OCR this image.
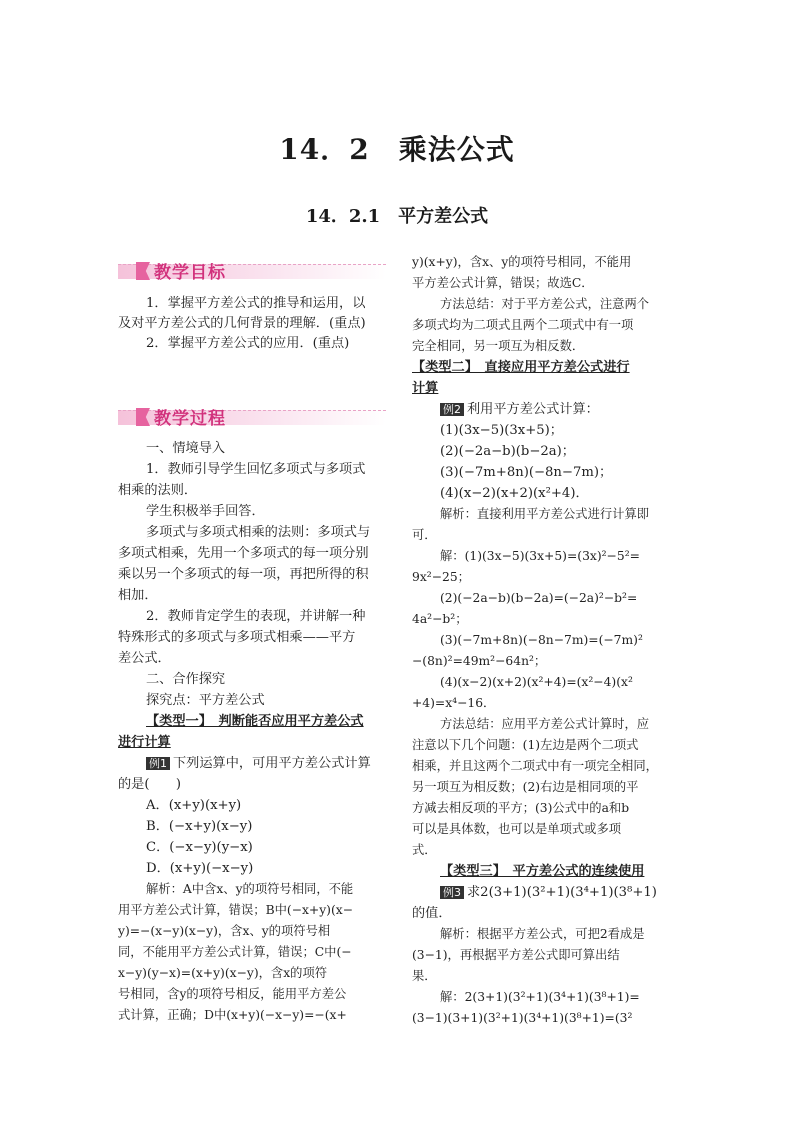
14．2　乘法公式
14．2.1　平方差公式
教学目标
1．掌握平方差公式的推导和运用，以
及对平方差公式的几何背景的理解．(重点)
2．掌握平方差公式的应用．(重点)
教学过程
一、情境导入
1．教师引导学生回忆多项式与多项式
相乘的法则．
学生积极举手回答．
多项式与多项式相乘的法则：多项式与
多项式相乘，先用一个多项式的每一项分别
乘以另一个多项式的每一项，再把所得的积
相加．
2．教师肯定学生的表现，并讲解一种
特殊形式的多项式与多项式相乘——平方
差公式．
二、合作探究
探究点：平方差公式
【类型一】　判断能否应用平方差公式
进行计算
例1 下列运算中，可用平方差公式计算
的是(　　)
A．(x+y)(x+y)
B．(−x+y)(x−y)
C．(−x−y)(y−x)
D．(x+y)(−x−y)
解析：A中含x、y的项符号相同，不能
用平方差公式计算，错误；B中(−x+y)(x−
y)=−(x−y)(x−y)，含x、y的项符号相
同，不能用平方差公式计算，错误；C中(−
x−y)(y−x)=(x+y)(x−y)，含x的项符
号相同，含y的项符号相反，能用平方差公
式计算，正确；D中(x+y)(−x−y)=−(x+
y)(x+y)，含x、y的项符号相同，不能用
平方差公式计算，错误；故选C．
方法总结：对于平方差公式，注意两个
多项式均为二项式且两个二项式中有一项
完全相同，另一项互为相反数．
【类型二】　直接应用平方差公式进行
计算
例2 利用平方差公式计算：
(1)(3x−5)(3x+5)；
(2)(−2a−b)(b−2a)；
(3)(−7m+8n)(−8n−7m)；
(4)(x−2)(x+2)(x²+4)．
解析：直接利用平方差公式进行计算即
可．
解：(1)(3x−5)(3x+5)=(3x)²−5²=
9x²−25；
(2)(−2a−b)(b−2a)=(−2a)²−b²=
4a²−b²；
(3)(−7m+8n)(−8n−7m)=(−7m)²
−(8n)²=49m²−64n²；
(4)(x−2)(x+2)(x²+4)=(x²−4)(x²
+4)=x⁴−16．
方法总结：应用平方差公式计算时，应
注意以下几个问题：(1)左边是两个二项式
相乘，并且这两个二项式中有一项完全相同，
另一项互为相反数；(2)右边是相同项的平
方减去相反项的平方；(3)公式中的a和b
可以是具体数，也可以是单项式或多项
式．
【类型三】　平方差公式的连续使用
例3 求2(3+1)(3²+1)(3⁴+1)(3⁸+1)
的值．
解析：根据平方差公式，可把2看成是
(3−1)，再根据平方差公式即可算出结
果．
解：2(3+1)(3²+1)(3⁴+1)(3⁸+1)=
(3−1)(3+1)(3²+1)(3⁴+1)(3⁸+1)=(3²
